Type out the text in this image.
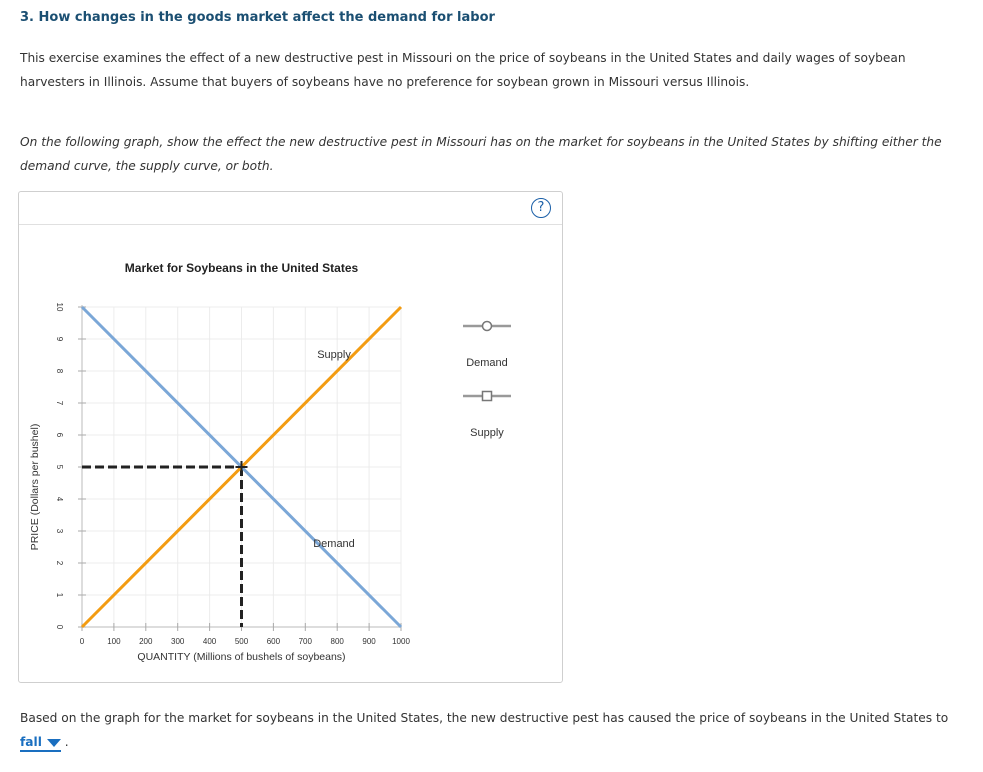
3. How changes in the goods market affect the demand for labor
This exercise examines the effect of a new destructive pest in Missouri on the price of soybeans in the United States and daily wages of soybean harvesters in Illinois. Assume that buyers of soybeans have no preference for soybean grown in Missouri versus Illinois.
On the following graph, show the effect the new destructive pest in Missouri has on the market for soybeans in the United States by shifting either the demand curve, the supply curve, or both.
?
Market for Soybeans in the United States
0
1
2
3
4
5
6
7
8
9
10
0	100 200 300 400 500 600 700 800 900 1000
QUANTITY (Millions of bushels of soybeans)
PRICE (Dollars per bushel)
Supply
Demand
Demand
Supply
Based on the graph for the market for soybeans in the United States, the new destructive pest has caused the price of soybeans in the United States to fall .
